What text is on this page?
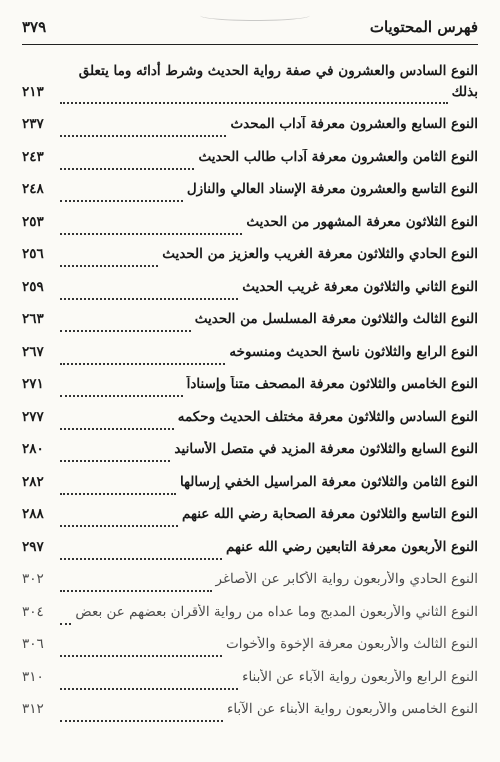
فهرس المحتويات
٣٧٩
النوع السادس والعشرون في صفة رواية الحديث وشرط أدائه وما يتعلق
بذلك
٢١٣
النوع السابع والعشرون معرفة آداب المحدث
٢٣٧
النوع الثامن والعشرون معرفة آداب طالب الحديث
٢٤٣
النوع التاسع والعشرون معرفة الإسناد العالي والنازل
٢٤٨
النوع الثلاثون معرفة المشهور من الحديث
٢٥٣
النوع الحادي والثلاثون معرفة الغريب والعزيز من الحديث
٢٥٦
النوع الثاني والثلاثون معرفة غريب الحديث
٢٥٩
النوع الثالث والثلاثون معرفة المسلسل من الحديث
٢٦٣
النوع الرابع والثلاثون ناسخ الحديث ومنسوخه
٢٦٧
النوع الخامس والثلاثون معرفة المصحف متناً وإسناداً
٢٧١
النوع السادس والثلاثون معرفة مختلف الحديث وحكمه
٢٧٧
النوع السابع والثلاثون معرفة المزيد في متصل الأسانيد
٢٨٠
النوع الثامن والثلاثون معرفة المراسيل الخفي إرسالها
٢٨٢
النوع التاسع والثلاثون معرفة الصحابة رضي الله عنهم
٢٨٨
النوع الأربعون معرفة التابعين رضي الله عنهم
٢٩٧
النوع الحادي والأربعون رواية الأكابر عن الأصاغر
٣٠٢
النوع الثاني والأربعون المدبج وما عداه من رواية الأقران بعضهم عن بعض
٣٠٤
النوع الثالث والأربعون معرفة الإخوة والأخوات
٣٠٦
النوع الرابع والأربعون رواية الآباء عن الأبناء
٣١٠
النوع الخامس والأربعون رواية الأبناء عن الآباء
٣١٢
